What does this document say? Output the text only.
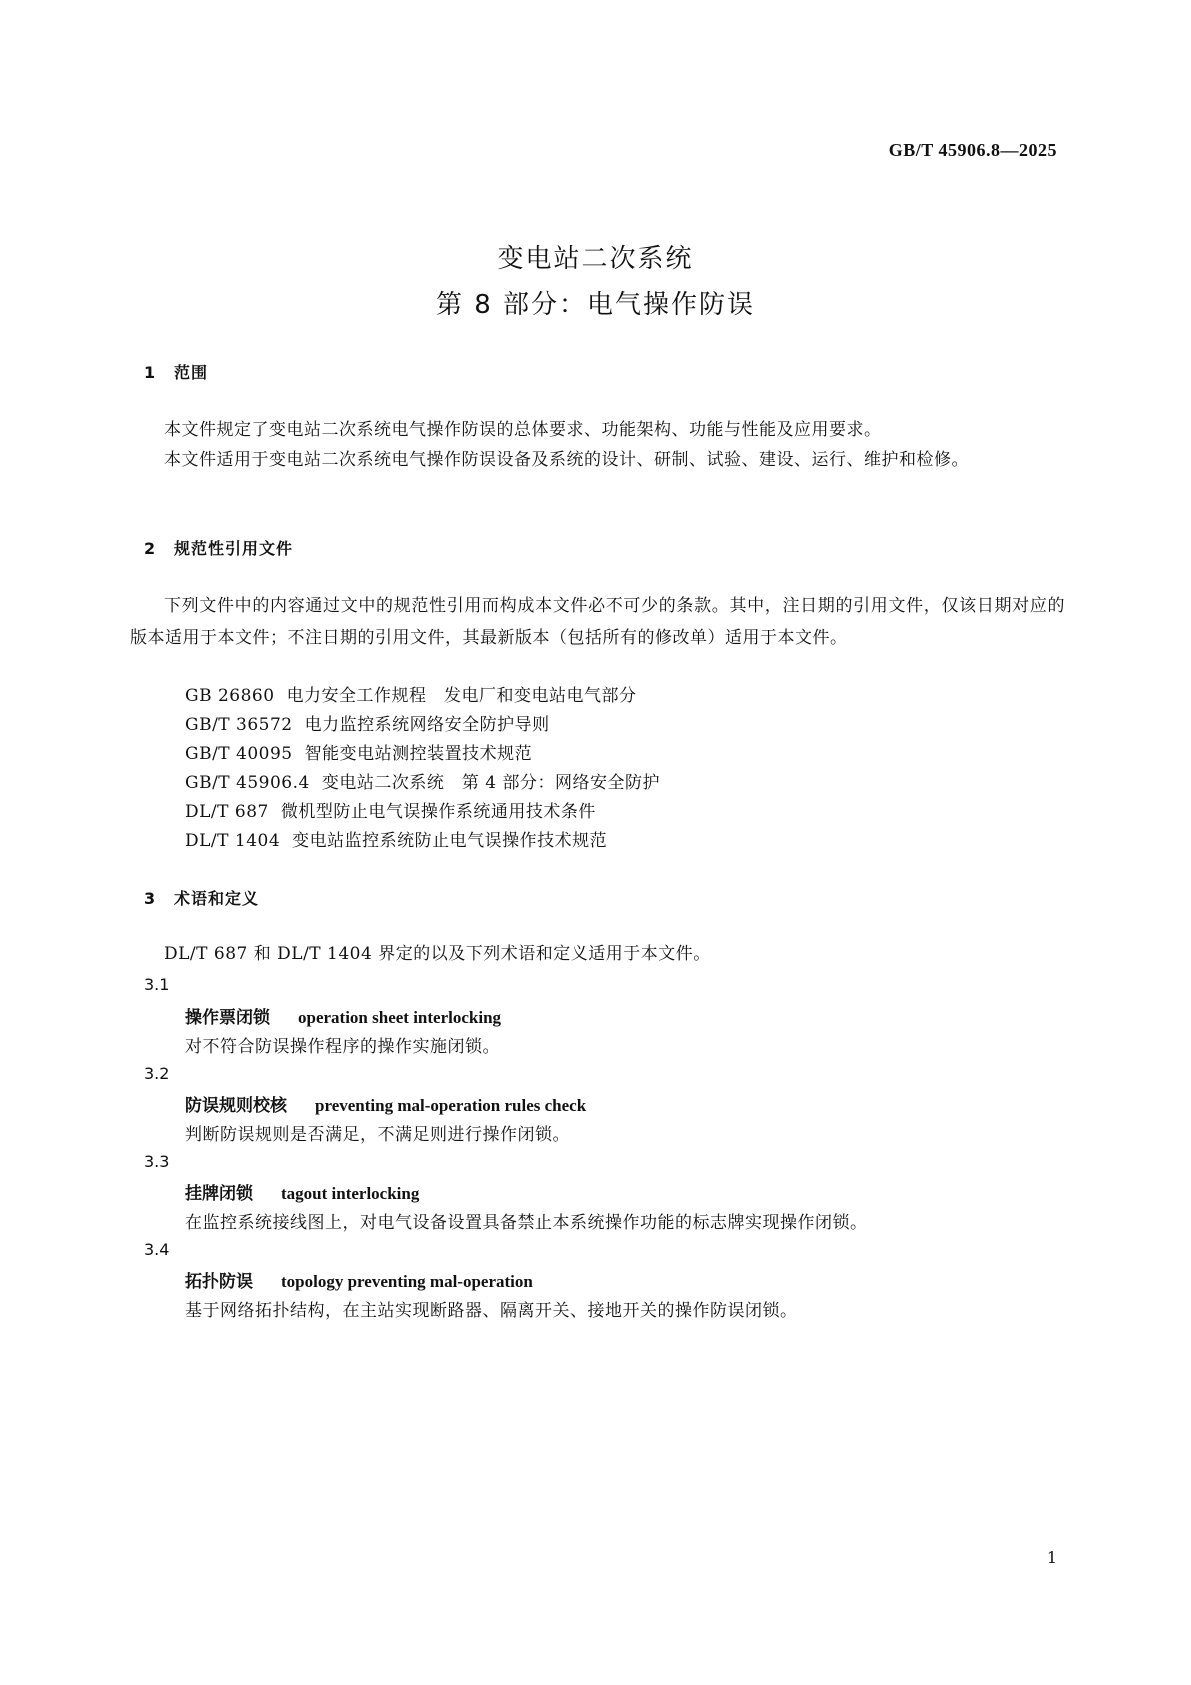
GB/T 45906.8—2025
变电站二次系统
第 8 部分：电气操作防误
1 范围
本文件规定了变电站二次系统电气操作防误的总体要求、功能架构、功能与性能及应用要求。
本文件适用于变电站二次系统电气操作防误设备及系统的设计、研制、试验、建设、运行、维护和检修。
2 规范性引用文件
下列文件中的内容通过文中的规范性引用而构成本文件必不可少的条款。其中，注日期的引用文件，仅该日期对应的版本适用于本文件；不注日期的引用文件，其最新版本（包括所有的修改单）适用于本文件。
GB 26860 电力安全工作规程　发电厂和变电站电气部分
GB/T 36572 电力监控系统网络安全防护导则
GB/T 40095 智能变电站测控装置技术规范
GB/T 45906.4 变电站二次系统　第 4 部分：网络安全防护
DL/T 687 微机型防止电气误操作系统通用技术条件
DL/T 1404 变电站监控系统防止电气误操作技术规范
3 术语和定义
DL/T 687 和 DL/T 1404 界定的以及下列术语和定义适用于本文件。
3.1
操作票闭锁 operation sheet interlocking
对不符合防误操作程序的操作实施闭锁。
3.2
防误规则校核 preventing mal-operation rules check
判断防误规则是否满足，不满足则进行操作闭锁。
3.3
挂牌闭锁 tagout interlocking
在监控系统接线图上，对电气设备设置具备禁止本系统操作功能的标志牌实现操作闭锁。
3.4
拓扑防误 topology preventing mal-operation
基于网络拓扑结构，在主站实现断路器、隔离开关、接地开关的操作防误闭锁。
1
